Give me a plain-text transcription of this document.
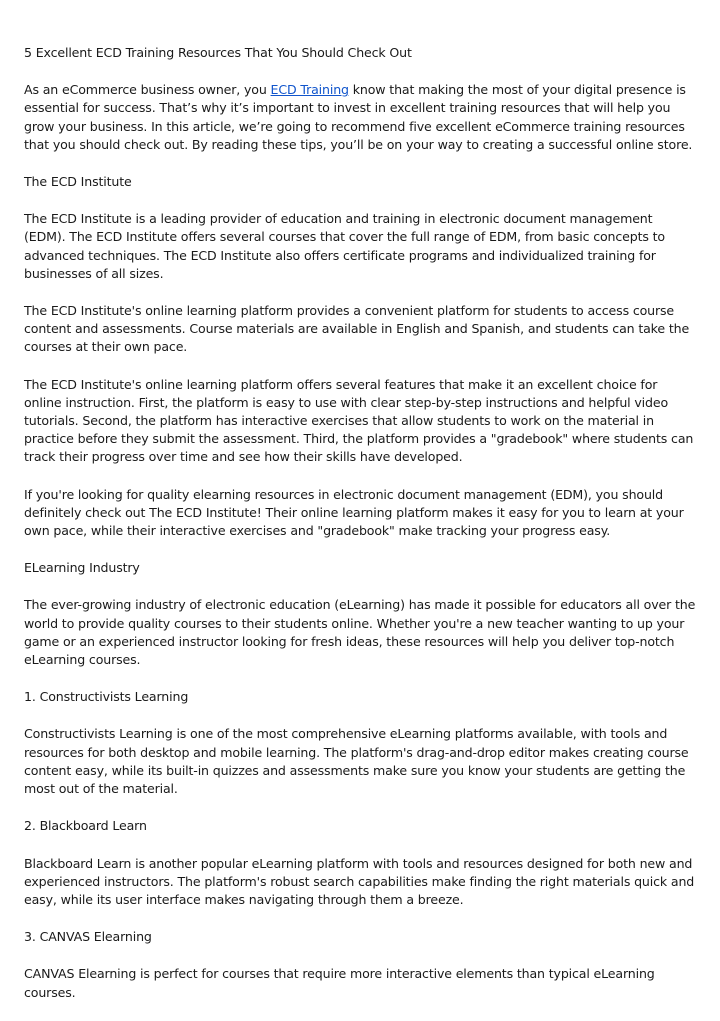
5 Excellent ECD Training Resources That You Should Check Out

As an eCommerce business owner, you ECD Training know that making the most of your digital presence is essential for success. That’s why it’s important to invest in excellent training resources that will help you grow your business. In this article, we’re going to recommend five excellent eCommerce training resources that you should check out. By reading these tips, you’ll be on your way to creating a successful online store.

The ECD Institute

The ECD Institute is a leading provider of education and training in electronic document management (EDM). The ECD Institute offers several courses that cover the full range of EDM, from basic concepts to advanced techniques. The ECD Institute also offers certificate programs and individualized training for businesses of all sizes.

The ECD Institute's online learning platform provides a convenient platform for students to access course content and assessments. Course materials are available in English and Spanish, and students can take the courses at their own pace.

The ECD Institute's online learning platform offers several features that make it an excellent choice for online instruction. First, the platform is easy to use with clear step-by-step instructions and helpful video tutorials. Second, the platform has interactive exercises that allow students to work on the material in practice before they submit the assessment. Third, the platform provides a "gradebook" where students can track their progress over time and see how their skills have developed.

If you're looking for quality elearning resources in electronic document management (EDM), you should definitely check out The ECD Institute! Their online learning platform makes it easy for you to learn at your own pace, while their interactive exercises and "gradebook" make tracking your progress easy.

ELearning Industry

The ever-growing industry of electronic education (eLearning) has made it possible for educators all over the world to provide quality courses to their students online. Whether you're a new teacher wanting to up your game or an experienced instructor looking for fresh ideas, these resources will help you deliver top-notch eLearning courses.

1. Constructivists Learning

Constructivists Learning is one of the most comprehensive eLearning platforms available, with tools and resources for both desktop and mobile learning. The platform's drag-and-drop editor makes creating course content easy, while its built-in quizzes and assessments make sure you know your students are getting the most out of the material.

2. Blackboard Learn

Blackboard Learn is another popular eLearning platform with tools and resources designed for both new and experienced instructors. The platform's robust search capabilities make finding the right materials quick and easy, while its user interface makes navigating through them a breeze.

3. CANVAS Elearning

CANVAS Elearning is perfect for courses that require more interactive elements than typical eLearning courses.
